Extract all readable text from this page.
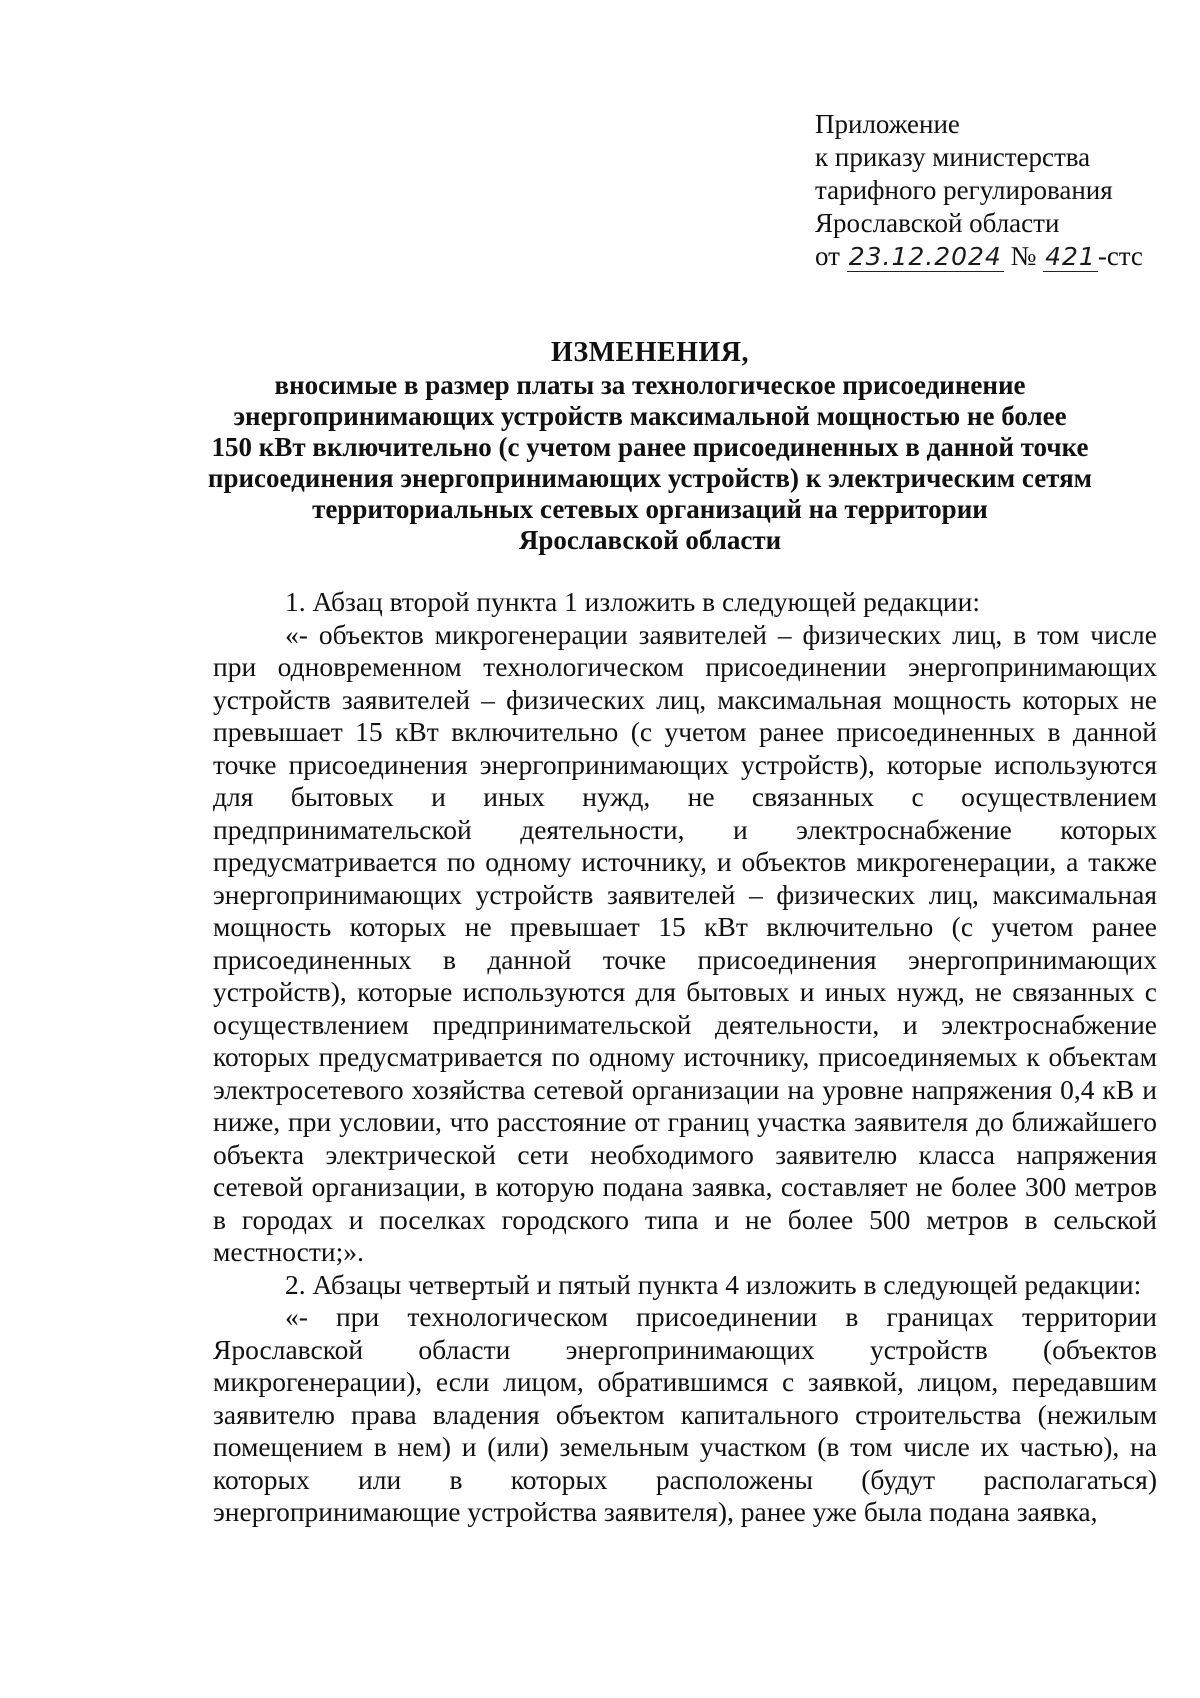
Приложение
к приказу министерства
тарифного регулирования
Ярославской области
от 23.12.2024 № 421-стс
ИЗМЕНЕНИЯ,
вносимые в размер платы за технологическое присоединение
энергопринимающих устройств максимальной мощностью не более
150 кВт включительно (с учетом ранее присоединенных в данной точке
присоединения энергопринимающих устройств) к электрическим сетям
территориальных сетевых организаций на территории
Ярославской области

1. Абзац второй пункта 1 изложить в следующей редакции:

«- объектов микрогенерации заявителей – физических лиц, в том числе при одновременном технологическом присоединении энергопринимающих устройств заявителей – физических лиц, максимальная мощность которых не превышает 15 кВт включительно (с учетом ранее присоединенных в данной точке присоединения энергопринимающих устройств), которые используются для бытовых и иных нужд, не связанных с осуществлением предпринимательской деятельности, и электроснабжение которых предусматривается по одному источнику, и объектов микрогенерации, а также энергопринимающих устройств заявителей – физических лиц, максимальная мощность которых не превышает 15 кВт включительно (с учетом ранее присоединенных в данной точке присоединения энергопринимающих устройств), которые используются для бытовых и иных нужд, не связанных с осуществлением предпринимательской деятельности, и электроснабжение которых предусматривается по одному источнику, присоединяемых к объектам электросетевого хозяйства сетевой организации на уровне напряжения 0,4 кВ и ниже, при условии, что расстояние от границ участка заявителя до ближайшего объекта электрической сети необходимого заявителю класса напряжения сетевой организации, в которую подана заявка, составляет не более 300 метров в городах и поселках городского типа и не более 500 метров в сельской местности;».

2. Абзацы четвертый и пятый пункта 4 изложить в следующей редакции:

«- при технологическом присоединении в границах территории Ярославской области энергопринимающих устройств (объектов микрогенерации), если лицом, обратившимся с заявкой, лицом, передавшим заявителю права владения объектом капитального строительства (нежилым помещением в нем) и (или) земельным участком (в том числе их частью), на которых или в которых расположены (будут располагаться) энергопринимающие устройства заявителя), ранее уже была подана заявка,
